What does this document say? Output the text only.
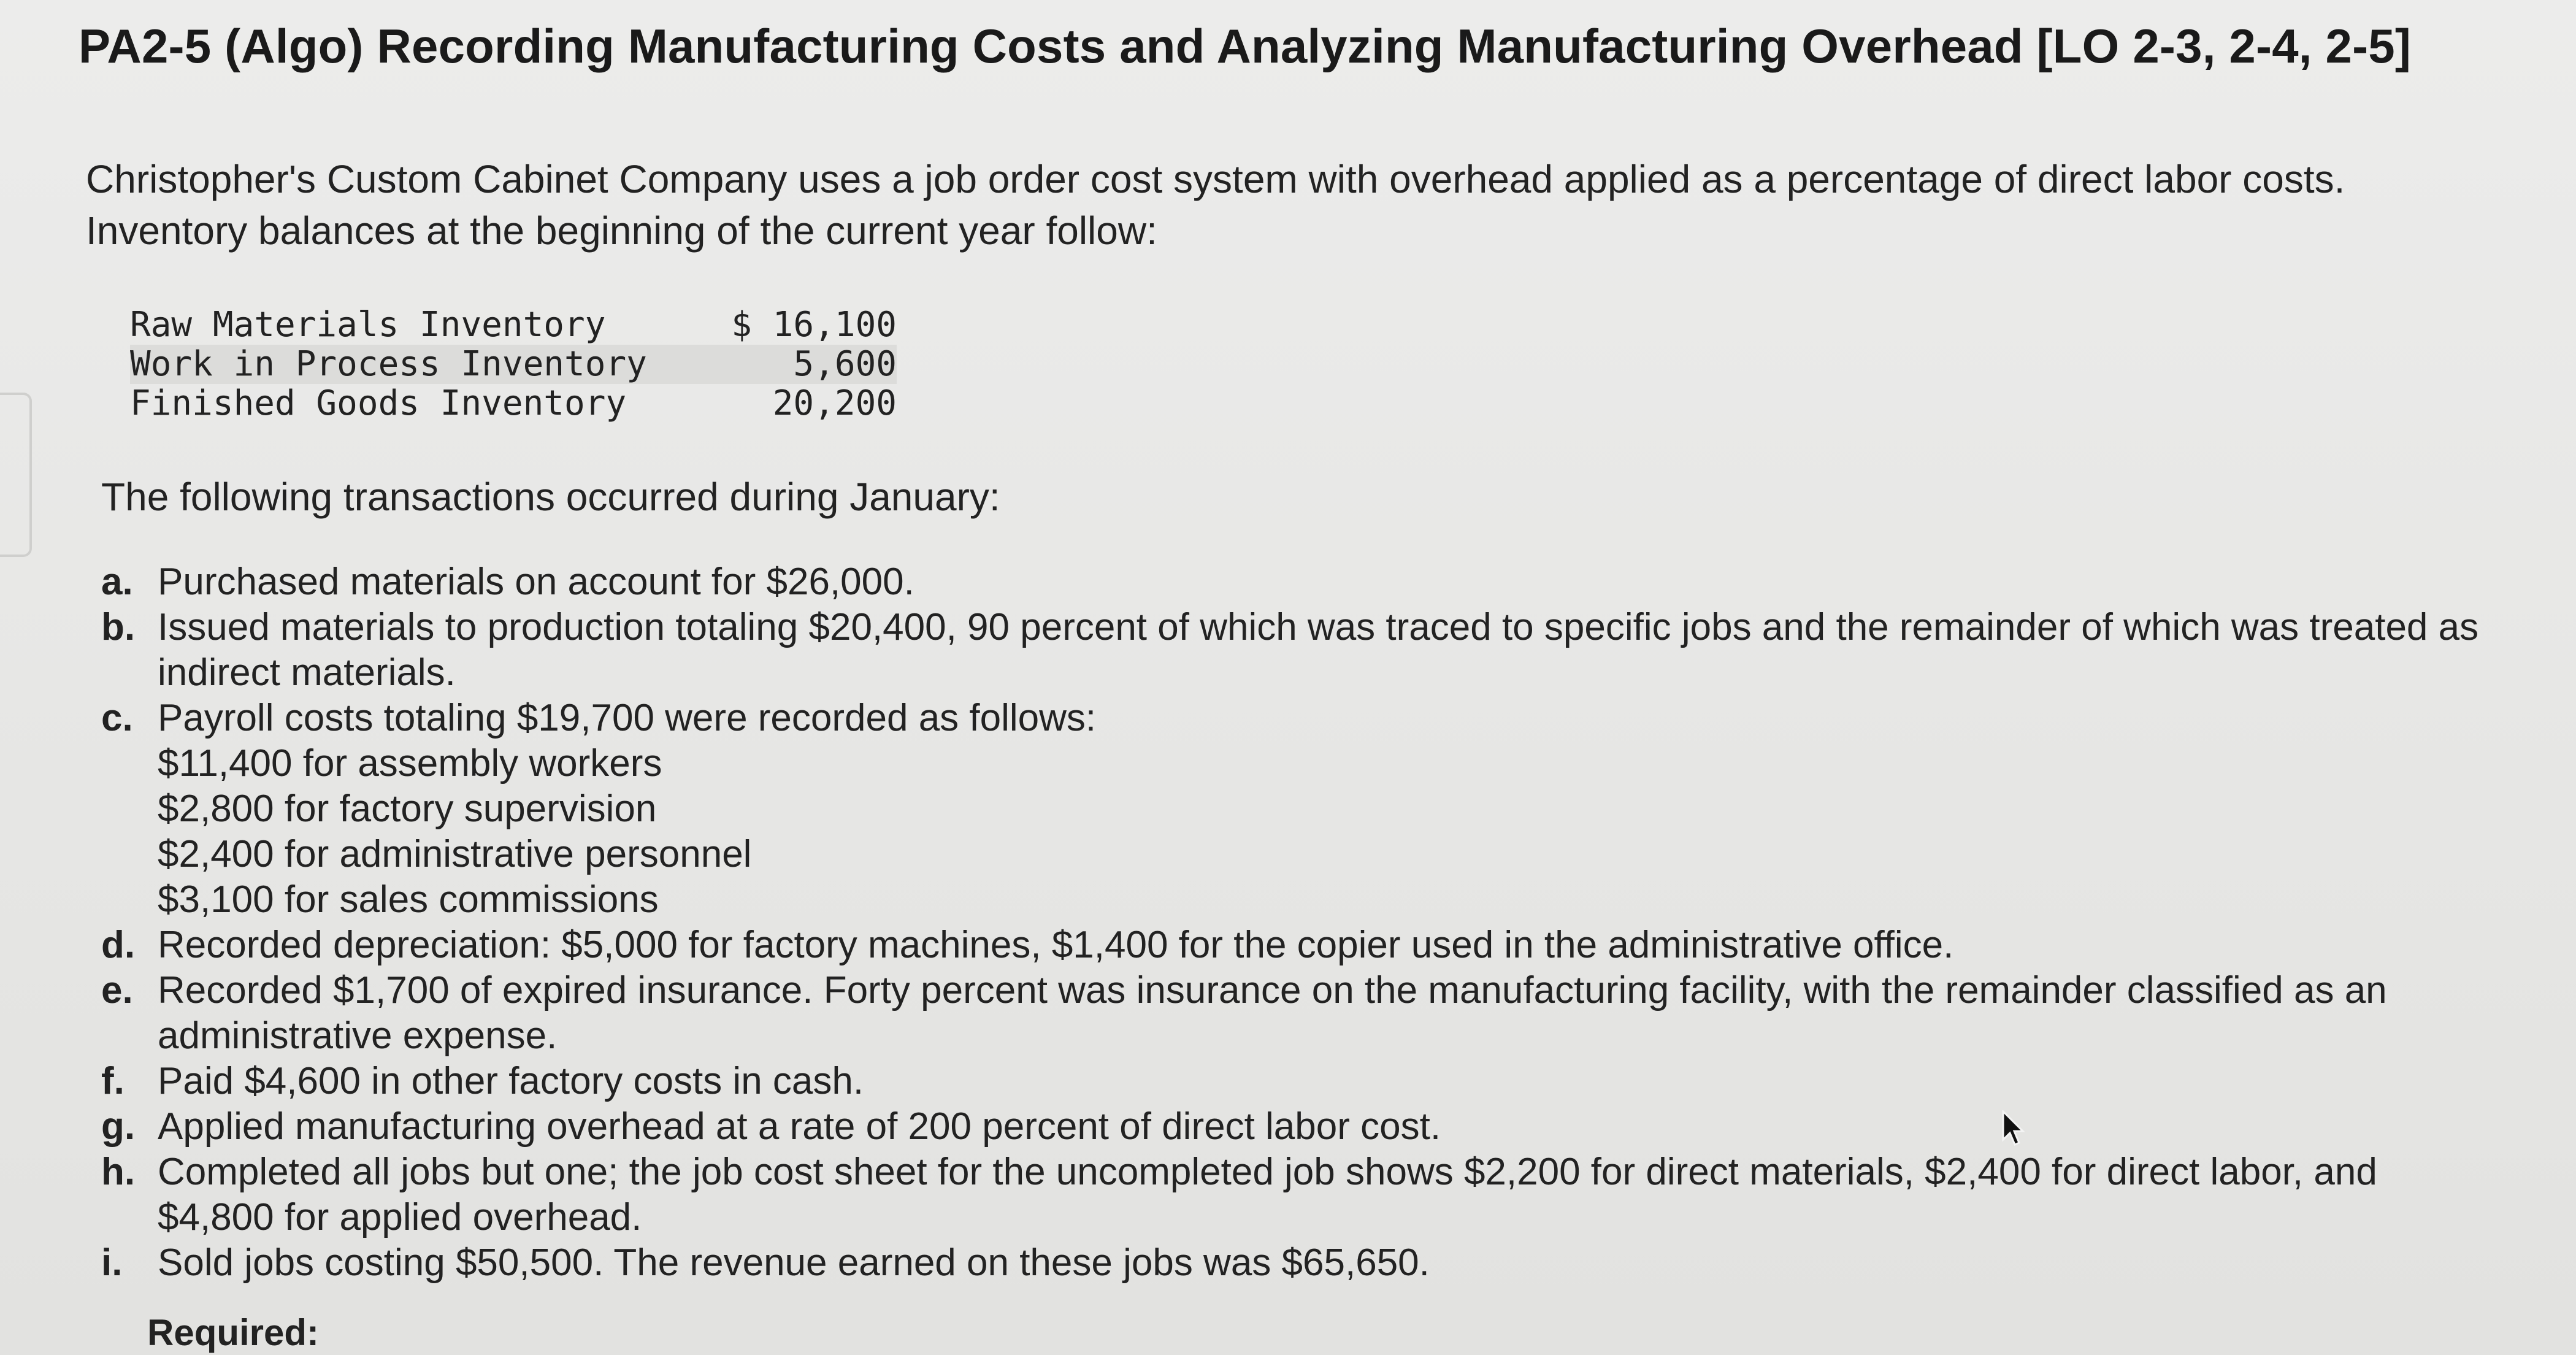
PA2-5 (Algo) Recording Manufacturing Costs and Analyzing Manufacturing Overhead [LO 2-3, 2-4, 2-5]

Christopher's Custom Cabinet Company uses a job order cost system with overhead applied as a percentage of direct labor costs.

Inventory balances at the beginning of the current year follow:

Raw Materials Inventory	$ 16,100
Work in Process Inventory	5,600
Finished Goods Inventory	20,200
The following transactions occurred during January:
a. Purchased materials on account for $26,000.
b. Issued materials to production totaling $20,400, 90 percent of which was traced to specific jobs and the remainder of which was treated as indirect materials.
c. Payroll costs totaling $19,700 were recorded as follows:
$11,400 for assembly workers
$2,800 for factory supervision
$2,400 for administrative personnel
$3,100 for sales commissions
d. Recorded depreciation: $5,000 for factory machines, $1,400 for the copier used in the administrative office.
e. Recorded $1,700 of expired insurance. Forty percent was insurance on the manufacturing facility, with the remainder classified as an administrative expense.
f. Paid $4,600 in other factory costs in cash.
g. Applied manufacturing overhead at a rate of 200 percent of direct labor cost.
h. Completed all jobs but one; the job cost sheet for the uncompleted job shows $2,200 for direct materials, $2,400 for direct labor, and $4,800 for applied overhead.
i. Sold jobs costing $50,500. The revenue earned on these jobs was $65,650.
Required:
